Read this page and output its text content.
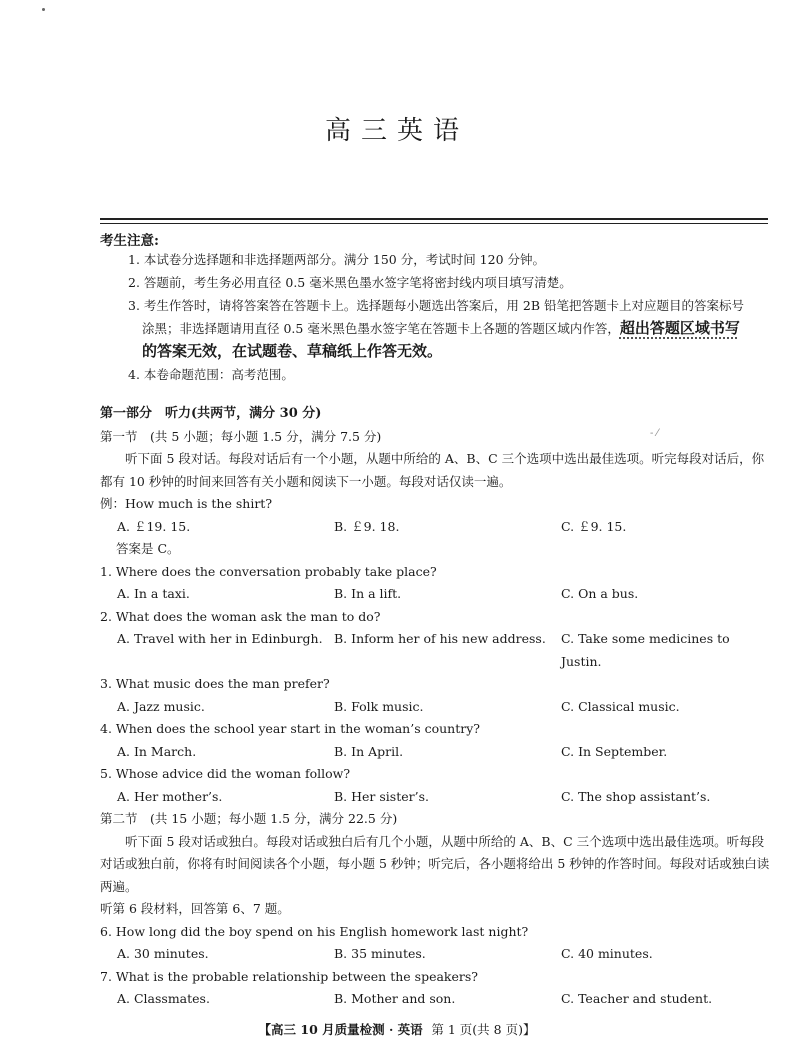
高三英语
考生注意:
1. 本试卷分选择题和非选择题两部分。满分 150 分，考试时间 120 分钟。
2. 答题前，考生务必用直径 0.5 毫米黑色墨水签字笔将密封线内项目填写清楚。
3. 考生作答时，请将答案答在答题卡上。选择题每小题选出答案后，用 2B 铅笔把答题卡上对应题目的答案标号
涂黑；非选择题请用直径 0.5 毫米黑色墨水签字笔在答题卡上各题的答题区域内作答，超出答题区域书写
的答案无效，在试题卷、草稿纸上作答无效。
4. 本卷命题范围：高考范围。
- ⁄
第一部分　听力(共两节，满分 30 分)
第一节　(共 5 小题；每小题 1.5 分，满分 7.5 分)
听下面 5 段对话。每段对话后有一个小题，从题中所给的 A、B、C 三个选项中选出最佳选项。听完每段对话后，你都有 10 秒钟的时间来回答有关小题和阅读下一小题。每段对话仅读一遍。
例：How much is the shirt?
A. ￡19. 15.	B. ￡9. 18.	C. ￡9. 15.
答案是 C。
1. Where does the conversation probably take place?
A. In a taxi.	B. In a lift.	C. On a bus.
2. What does the woman ask the man to do?
A. Travel with her in Edinburgh. B. Inform her of his new address.	C. Take some medicines to Justin.
3. What music does the man prefer?
A. Jazz music.	B. Folk music.	C. Classical music.
4. When does the school year start in the woman’s country?
A. In March.	B. In April.	C. In September.
5. Whose advice did the woman follow?
A. Her mother’s.	B. Her sister’s.	C. The shop assistant’s.
第二节　(共 15 小题；每小题 1.5 分，满分 22.5 分)
听下面 5 段对话或独白。每段对话或独白后有几个小题，从题中所给的 A、B、C 三个选项中选出最佳选项。听每段对话或独白前，你将有时间阅读各个小题，每小题 5 秒钟；听完后，各小题将给出 5 秒钟的作答时间。每段对话或独白读两遍。
听第 6 段材料，回答第 6、7 题。
6. How long did the boy spend on his English homework last night?
A. 30 minutes.	B. 35 minutes.	C. 40 minutes.
7. What is the probable relationship between the speakers?
A. Classmates.	B. Mother and son.	C. Teacher and student.
【高三 10 月质量检测 · 英语 第 1 页(共 8 页)】
